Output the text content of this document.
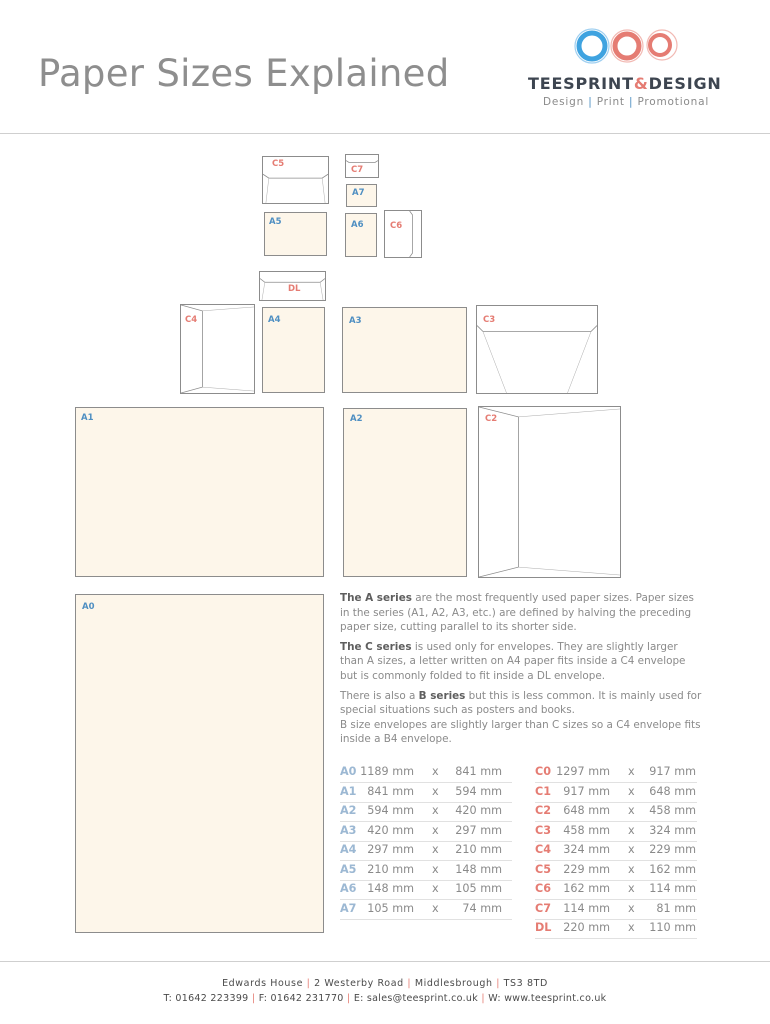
Paper Sizes Explained	TEESPRINT&DESIGN
Design | Print | Promotional
C5
C7
A7
A5	A6	C6
DL
C4	A4	A3	C3
A1	A2	C2
A0

The A series are the most frequently used paper sizes. Paper sizes in the series (A1, A2, A3, etc.) are defined by halving the preceding paper size, cutting parallel to its shorter side.

The C series is used only for envelopes. They are slightly larger than A sizes, a letter written on A4 paper fits inside a C4 envelope but is commonly folded to fit inside a DL envelope.

There is also a B series but this is less common. It is mainly used for special situations such as posters and books.

B size envelopes are slightly larger than C sizes so a C4 envelope fits inside a B4 envelope.

A0 1189 mm x 841 mm
A1 841 mm x 594 mm
A2 594 mm x 420 mm
A3 420 mm x 297 mm
A4 297 mm x 210 mm
A5 210 mm x 148 mm
A6 148 mm x 105 mm
A7 105 mm x 74 mm
C0 1297 mm x 917 mm
C1 917 mm x 648 mm
C2 648 mm x 458 mm
C3 458 mm x 324 mm
C4 324 mm x 229 mm
C5 229 mm x 162 mm
C6 162 mm x 114 mm
C7 114 mm x 81 mm
DL 220 mm x 110 mm
Edwards House | 2 Westerby Road | Middlesbrough | TS3 8TD
T: 01642 223399 | F: 01642 231770 | E: sales@teesprint.co.uk | W: www.teesprint.co.uk
